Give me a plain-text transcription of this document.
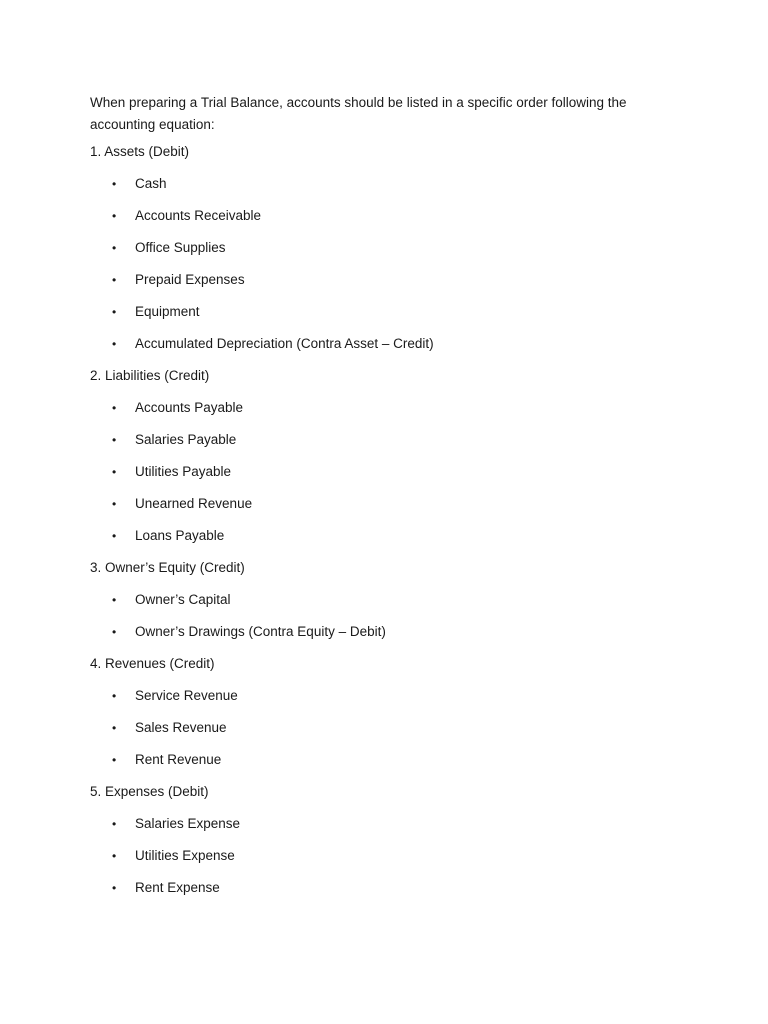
When preparing a Trial Balance, accounts should be listed in a specific order following the accounting equation:

1. Assets (Debit)

• Cash
• Accounts Receivable
• Office Supplies
• Prepaid Expenses
• Equipment
• Accumulated Depreciation (Contra Asset – Credit)

2. Liabilities (Credit)

• Accounts Payable
• Salaries Payable
• Utilities Payable
• Unearned Revenue
• Loans Payable

3. Owner’s Equity (Credit)

• Owner’s Capital
• Owner’s Drawings (Contra Equity – Debit)

4. Revenues (Credit)

• Service Revenue
• Sales Revenue
• Rent Revenue

5. Expenses (Debit)

• Salaries Expense
• Utilities Expense
• Rent Expense
